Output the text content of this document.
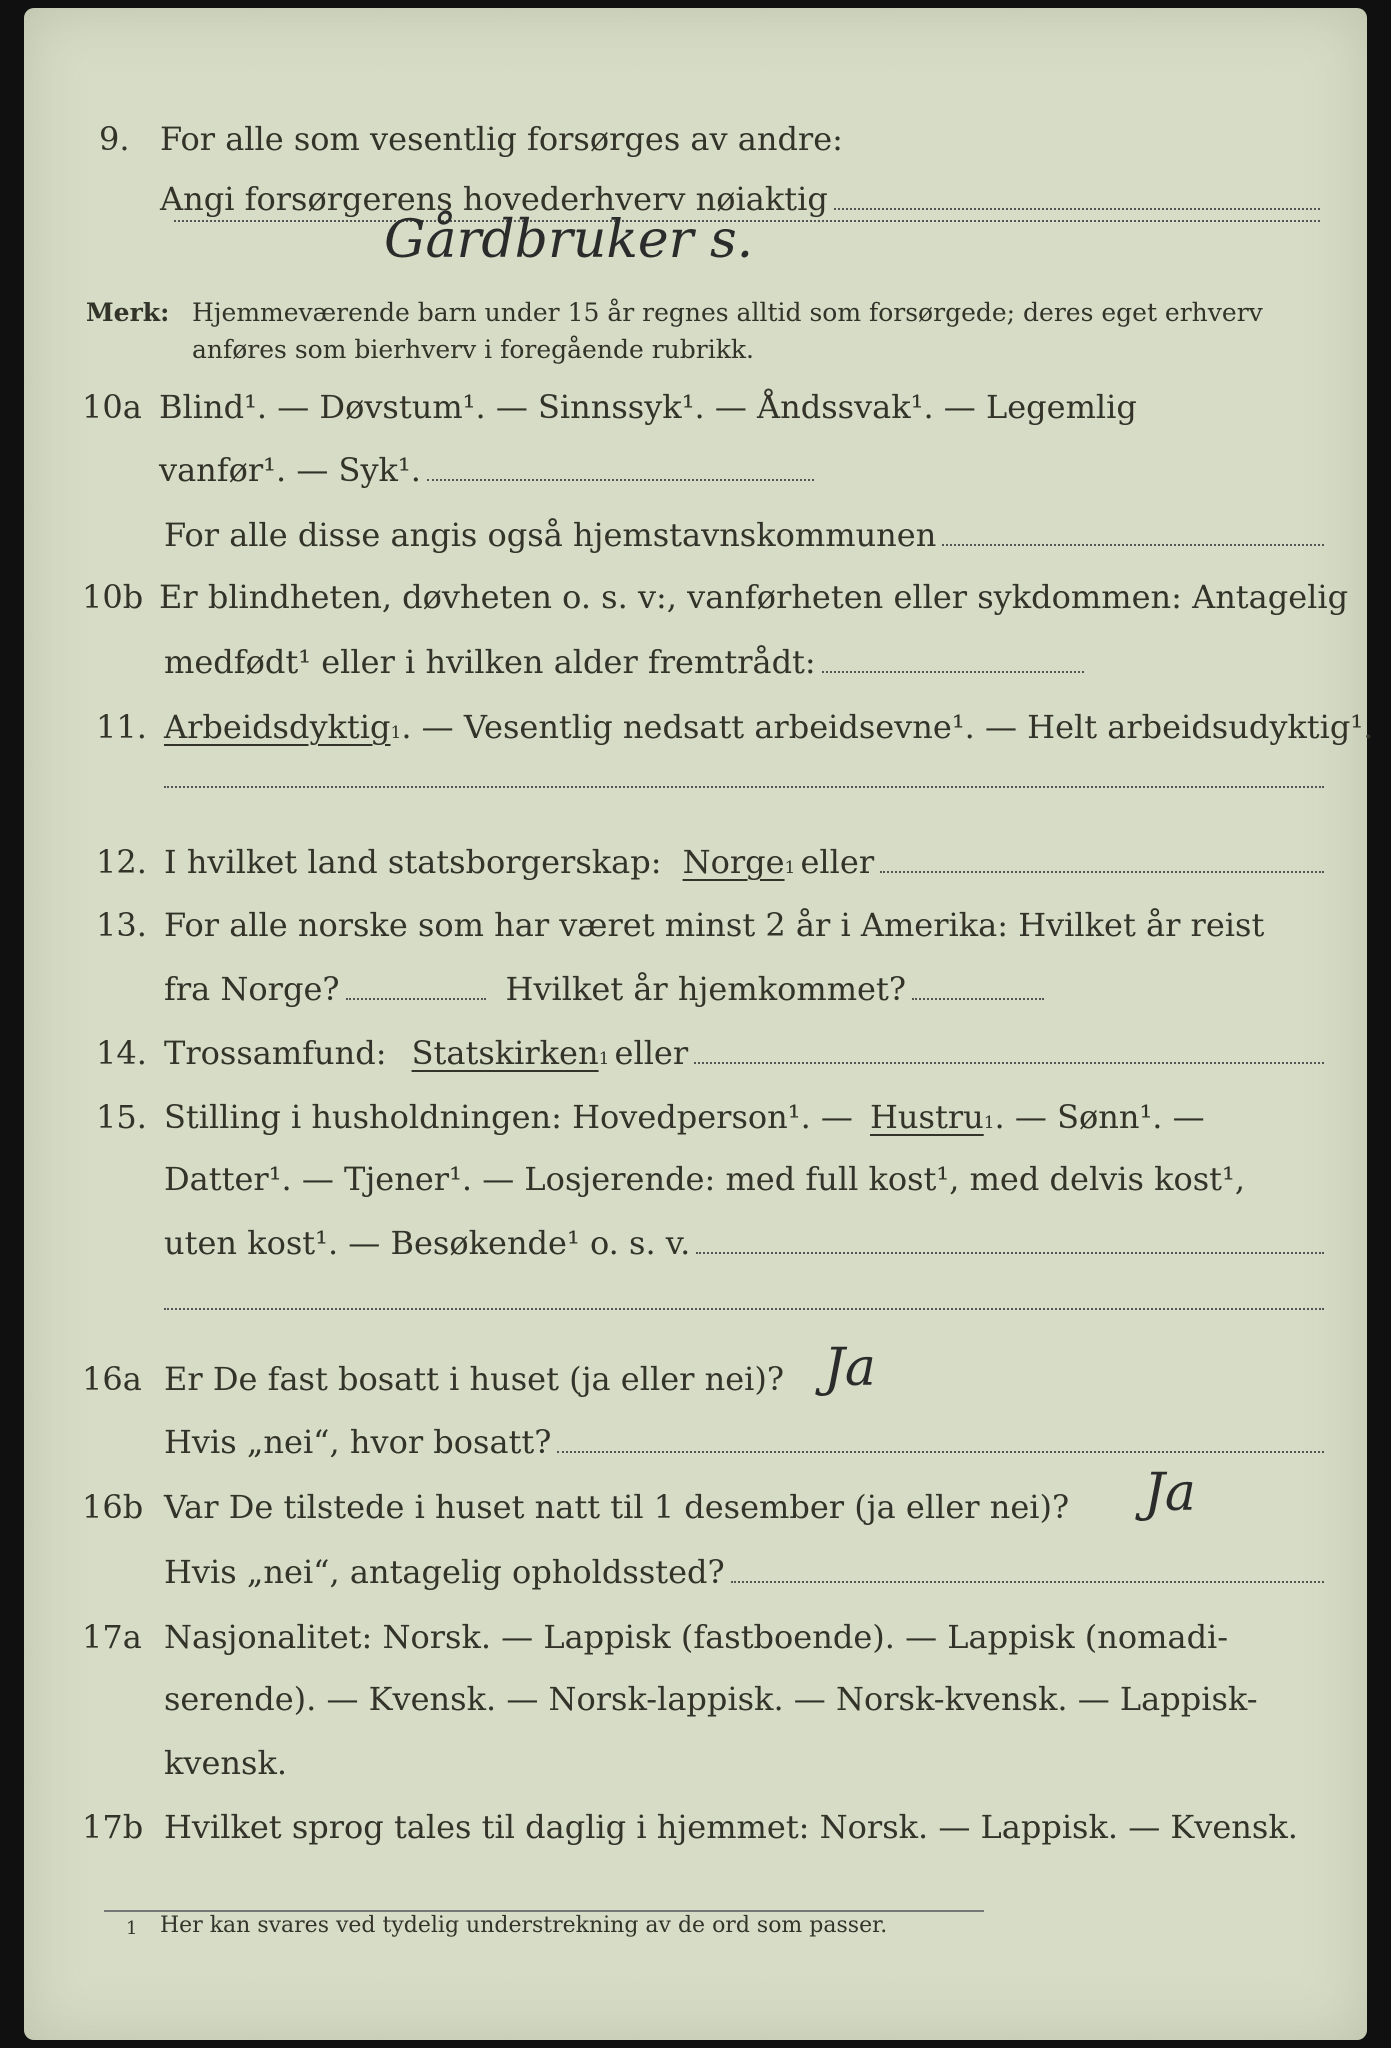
9. For alle som vesentlig forsørges av andre:
Angi forsørgerens hovederhverv nøiaktig
Gårdbruker s.
Merk: Hjemmeværende barn under 15 år regnes alltid som forsørgede; deres eget erhverv
anføres som bierhverv i foregående rubrikk.
10a Blind¹. — Døvstum¹. — Sinnssyk¹. — Åndssvak¹. — Legemlig
vanfør¹. — Syk¹.
For alle disse angis også hjemstavnskommunen
10b Er blindheten, døvheten o. s. v:, vanførheten eller sykdommen: Antagelig
medfødt¹ eller i hvilken alder fremtrådt:
11. Arbeidsdyktig 1 . — Vesentlig nedsatt arbeidsevne¹. — Helt arbeidsudyktig¹.
12. I hvilket land statsborgerskap:
Norge 1
eller
13. For alle norske som har været minst 2 år i Amerika: Hvilket år reist
fra Norge?	Hvilket år hjemkommet?
14. Trossamfund:
Statskirken 1
eller
15. Stilling i husholdningen: Hovedperson¹. —
Hustru 1 . — Sønn¹. —
Datter¹. — Tjener¹. — Losjerende: med full kost¹, med delvis kost¹,
uten kost¹. — Besøkende¹ o. s. v.
16a Er De fast bosatt i huset (ja eller nei)? Ja
Hvis „nei“, hvor bosatt?
16b Var De tilstede i huset natt til 1 desember (ja eller nei)? Ja
Hvis „nei“, antagelig opholdssted?
17a Nasjonalitet: Norsk. — Lappisk (fastboende). — Lappisk (nomadi-
serende). — Kvensk. — Norsk-lappisk. — Norsk-kvensk. — Lappisk-
kvensk.
17b Hvilket sprog tales til daglig i hjemmet: Norsk. — Lappisk. — Kvensk.
1 Her kan svares ved tydelig understrekning av de ord som passer.
